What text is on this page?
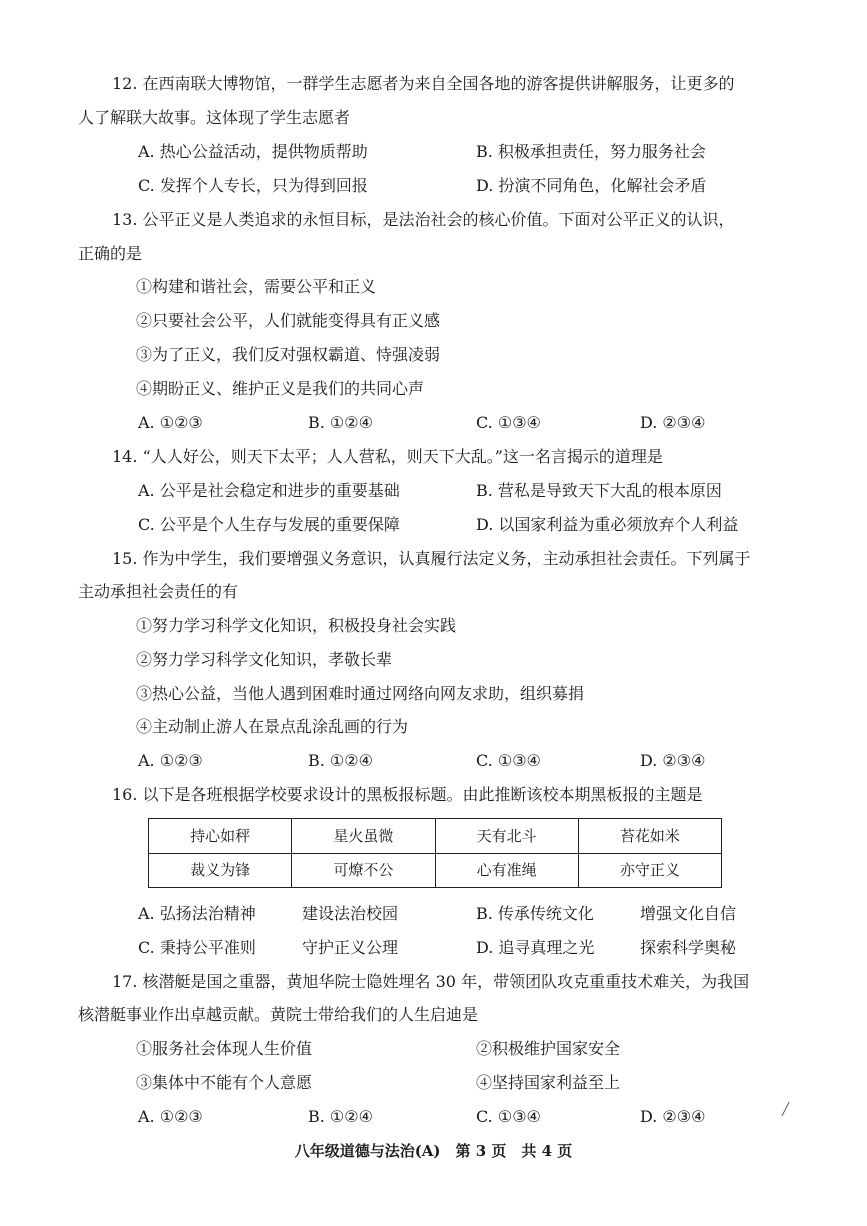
12. 在西南联大博物馆，一群学生志愿者为来自全国各地的游客提供讲解服务，让更多的
人了解联大故事。这体现了学生志愿者
A. 热心公益活动，提供物质帮助	B. 积极承担责任，努力服务社会
C. 发挥个人专长，只为得到回报	D. 扮演不同角色，化解社会矛盾
13. 公平正义是人类追求的永恒目标，是法治社会的核心价值。下面对公平正义的认识，
正确的是
①构建和谐社会，需要公平和正义
②只要社会公平，人们就能变得具有正义感
③为了正义，我们反对强权霸道、恃强凌弱
④期盼正义、维护正义是我们的共同心声
A. ①②③	B. ①②④	C. ①③④	D. ②③④
14. “人人好公，则天下太平；人人营私，则天下大乱。”这一名言揭示的道理是
A. 公平是社会稳定和进步的重要基础	B. 营私是导致天下大乱的根本原因
C. 公平是个人生存与发展的重要保障	D. 以国家利益为重必须放弃个人利益
15. 作为中学生，我们要增强义务意识，认真履行法定义务，主动承担社会责任。下列属于
主动承担社会责任的有
①努力学习科学文化知识，积极投身社会实践
②努力学习科学文化知识，孝敬长辈
③热心公益，当他人遇到困难时通过网络向网友求助，组织募捐
④主动制止游人在景点乱涂乱画的行为
A. ①②③	B. ①②④	C. ①③④	D. ②③④
16. 以下是各班根据学校要求设计的黑板报标题。由此推断该校本期黑板报的主题是
持心如秤	星火虽微	天有北斗	苔花如米
裁义为锋	可燎不公	心有准绳	亦守正义
A. 弘扬法治精神	建设法治校园	B. 传承传统文化	增强文化自信
C. 秉持公平准则	守护正义公理	D. 追寻真理之光	探索科学奥秘
17. 核潜艇是国之重器，黄旭华院士隐姓埋名 30 年，带领团队攻克重重技术难关，为我国
核潜艇事业作出卓越贡献。黄院士带给我们的人生启迪是
①服务社会体现人生价值	②积极维护国家安全
③集体中不能有个人意愿	④坚持国家利益至上
A. ①②③	B. ①②④	C. ①③④	D. ②③④	╱
八年级道德与法治(A)　第 3 页　共 4 页
